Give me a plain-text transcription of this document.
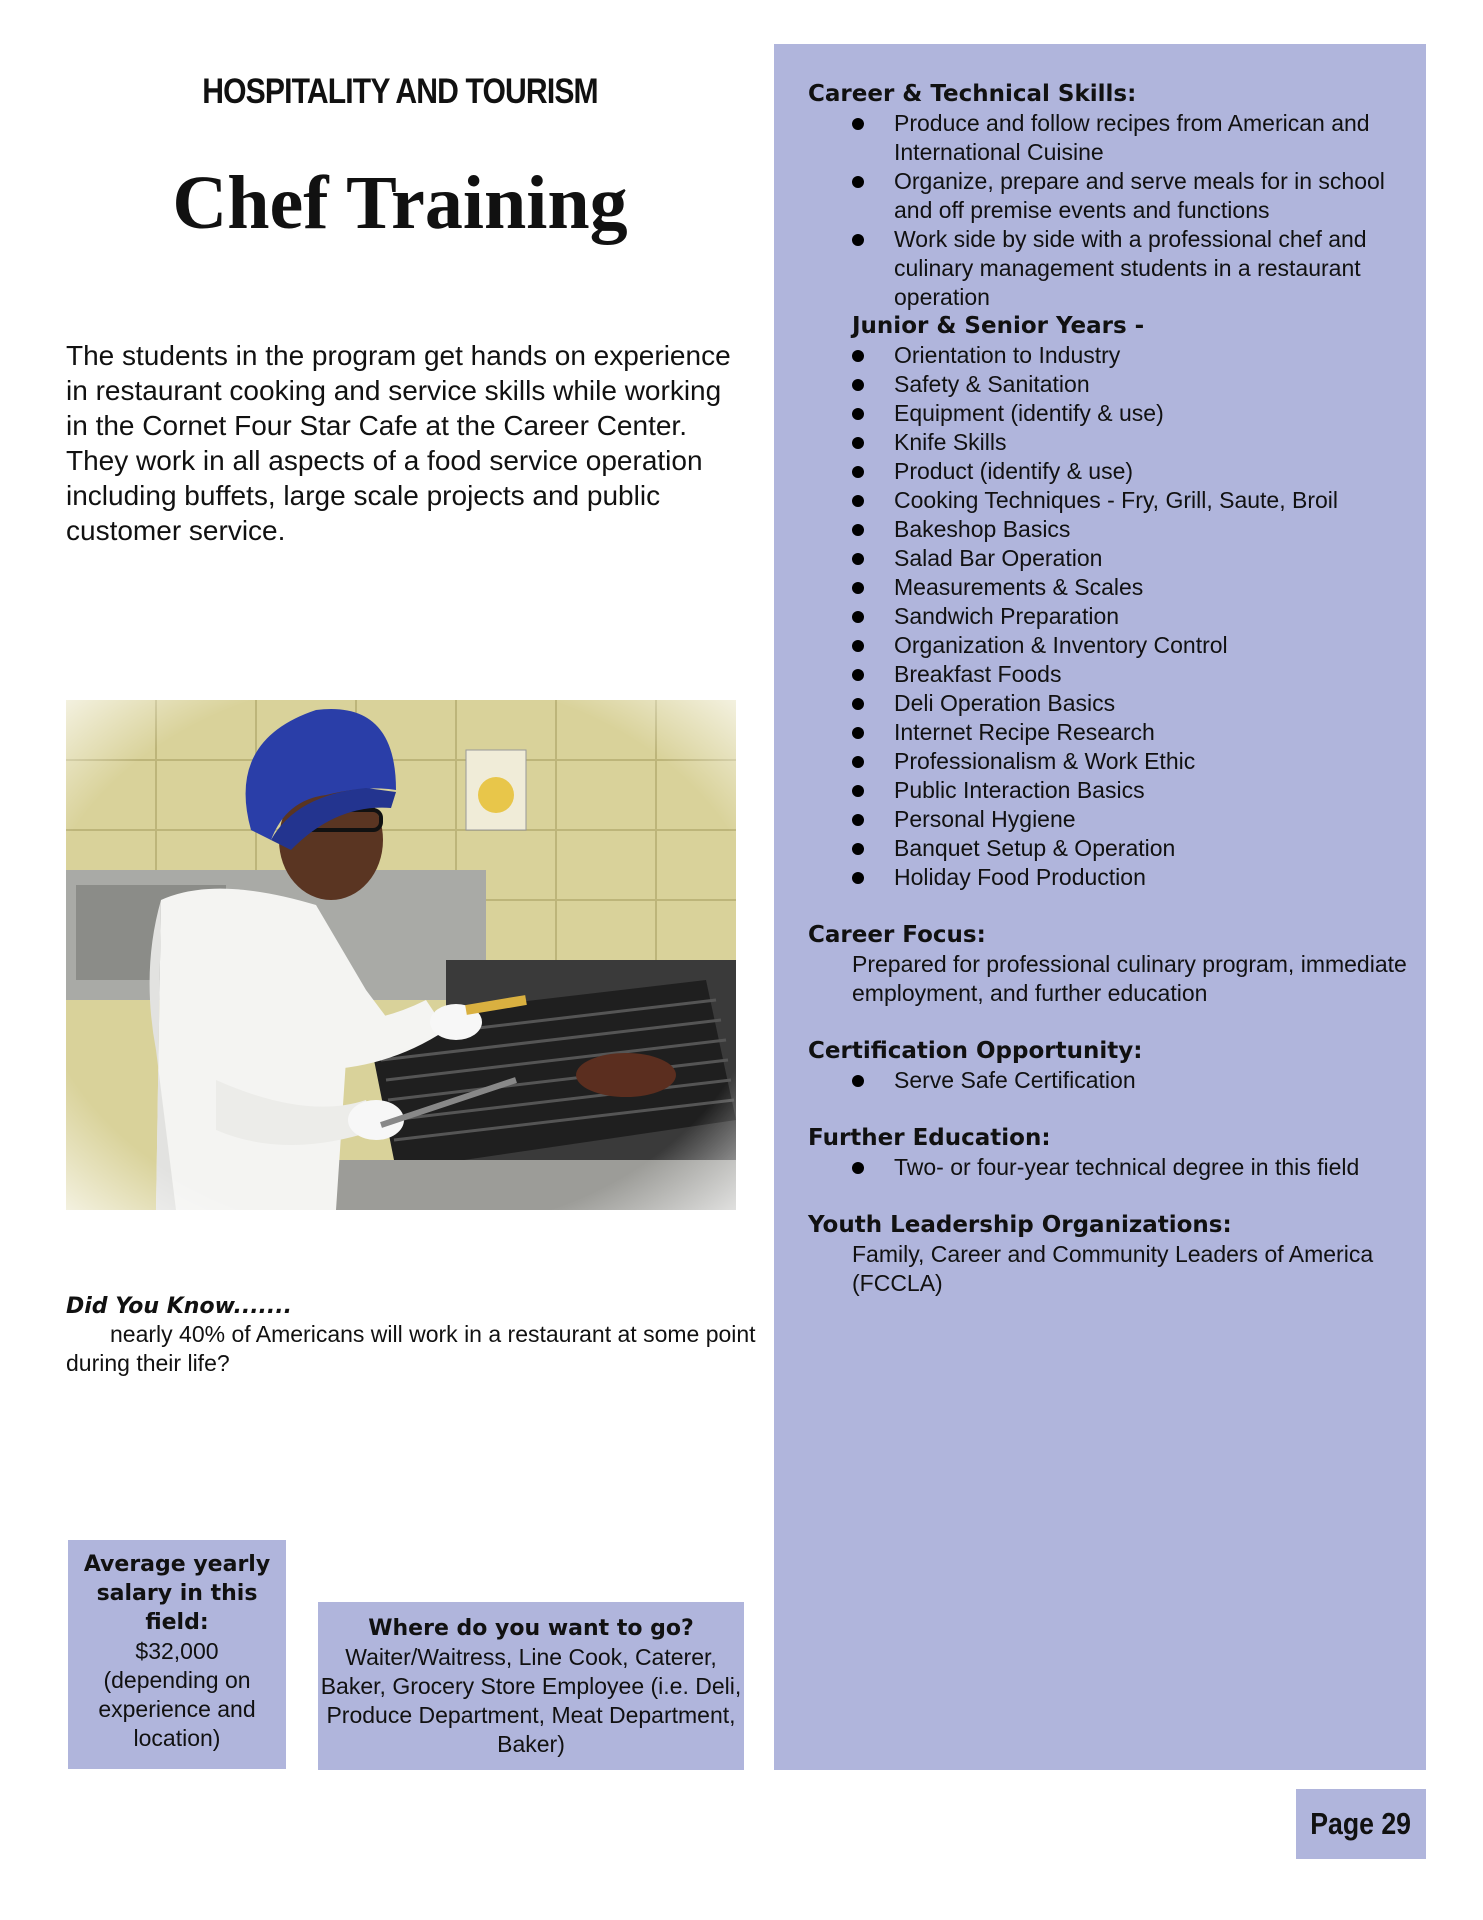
HOSPITALITY AND TOURISM
Chef Training
The students in the program get hands on experience in restaurant cooking and service skills while working in the Cornet Four Star Cafe at the Career Center. They work in all aspects of a food service operation including buffets, large scale projects and public customer service.
Did You Know.......
nearly 40% of Americans will work in a restaurant at some point during their life?
Average yearly salary in this field:
$32,000
(depending on experience and location)
Where do you want to go?
Waiter/Waitress, Line Cook, Caterer, Baker, Grocery Store Employee (i.e. Deli, Produce Department, Meat Department, Baker)

Career & Technical Skills:

Produce and follow recipes from American and International Cuisine
Organize, prepare and serve meals for in school and off premise events and functions
Work side by side with a professional chef and culinary management students in a restaurant operation

Junior & Senior Years -

Orientation to Industry
Safety & Sanitation
Equipment (identify & use)
Knife Skills
Product (identify & use)
Cooking Techniques - Fry, Grill, Saute, Broil
Bakeshop Basics
Salad Bar Operation
Measurements & Scales
Sandwich Preparation
Organization & Inventory Control
Breakfast Foods
Deli Operation Basics
Internet Recipe Research
Professionalism & Work Ethic
Public Interaction Basics
Personal Hygiene
Banquet Setup & Operation
Holiday Food Production

Career Focus:

Prepared for professional culinary program, immediate employment, and further education

Certification Opportunity:

Serve Safe Certification

Further Education:

Two- or four-year technical degree in this field

Youth Leadership Organizations:

Family, Career and Community Leaders of America (FCCLA)
Page 29
